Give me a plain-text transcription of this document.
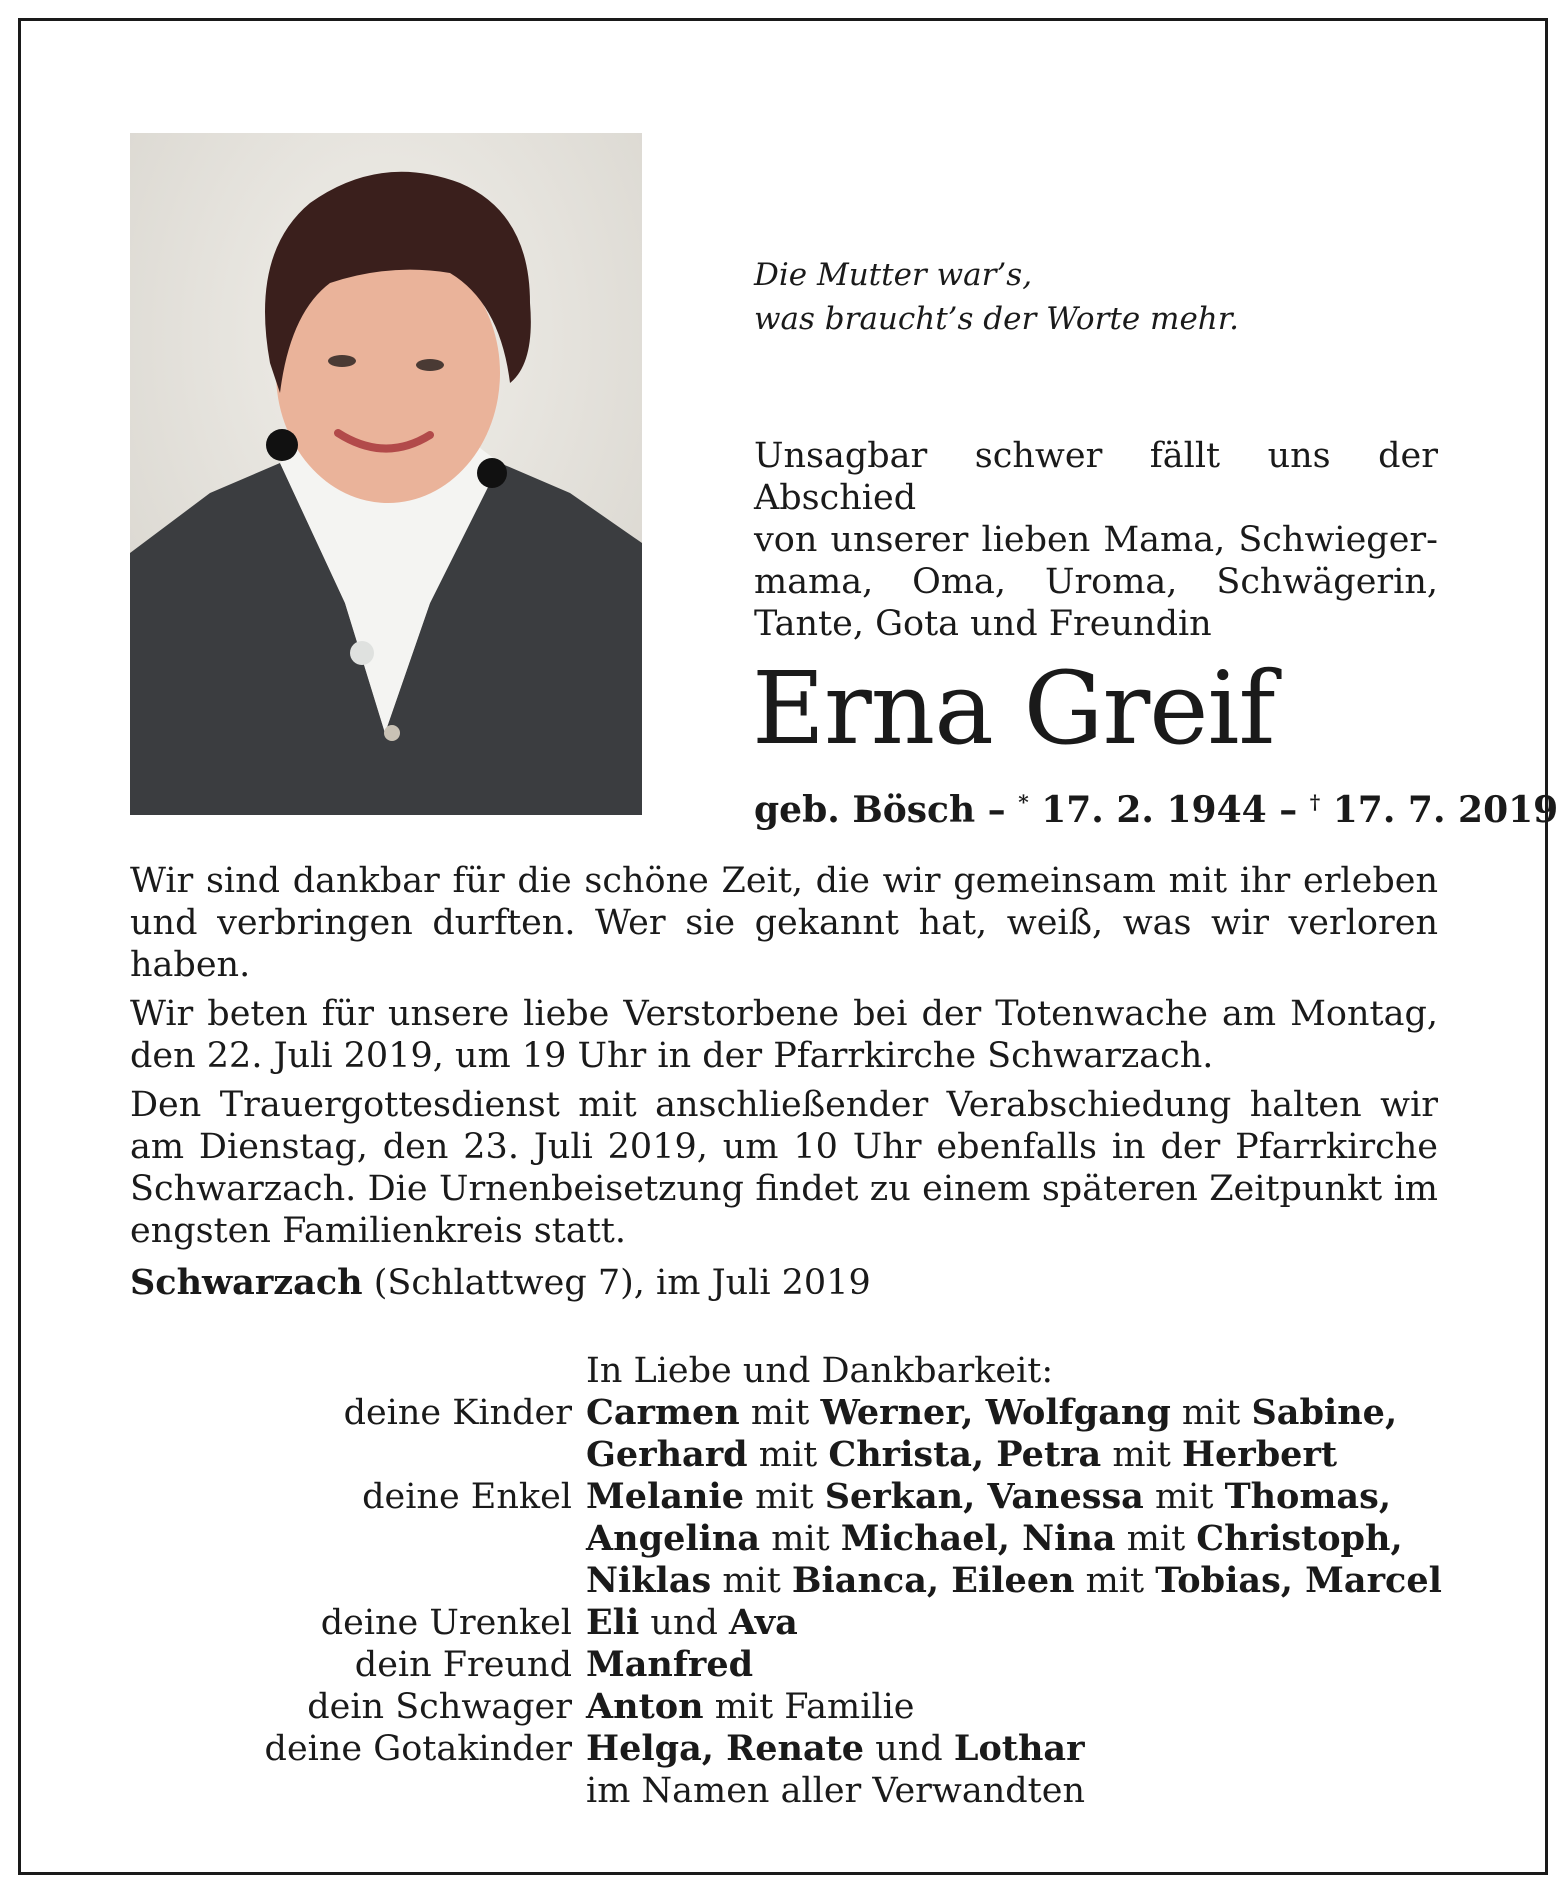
Die Mutter war’s,
was braucht’s der Worte mehr.
Unsagbar schwer fällt uns der Abschied
von unserer lieben Mama, Schwieger-
mama, Oma, Uroma, Schwägerin,
Tante, Gota und Freundin
Erna Greif
geb. Bösch – * 17. 2. 1944 – † 17. 7. 2019

Wir sind dankbar für die schöne Zeit, die wir gemeinsam mit ihr erleben und verbringen durften. Wer sie gekannt hat, weiß, was wir verloren haben.

Wir beten für unsere liebe Verstorbene bei der Totenwache am Montag, den 22. Juli 2019, um 19 Uhr in der Pfarrkirche Schwarzach.

Den Trauergottesdienst mit anschließender Verabschiedung halten wir am Dienstag, den 23. Juli 2019, um 10 Uhr ebenfalls in der Pfarrkirche Schwarzach. Die Urnenbeisetzung findet zu einem späteren Zeitpunkt im engsten Familienkreis statt.

Schwarzach (Schlattweg 7), im Juli 2019
In Liebe und Dankbarkeit:
deine Kinder Carmen mit Werner, Wolfgang mit Sabine,
Gerhard mit Christa, Petra mit Herbert
deine Enkel Melanie mit Serkan, Vanessa mit Thomas,
Angelina mit Michael, Nina mit Christoph,
Niklas mit Bianca, Eileen mit Tobias, Marcel
deine Urenkel Eli und Ava
dein Freund Manfred
dein Schwager Anton mit Familie
deine Gotakinder Helga, Renate und Lothar
im Namen aller Verwandten
